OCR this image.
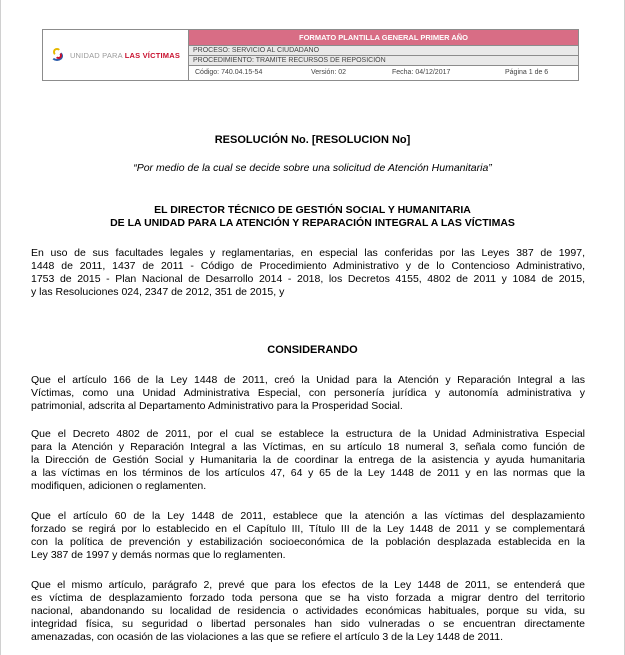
UNIDAD PARA LAS VÍCTIMAS
FORMATO PLANTILLA GENERAL PRIMER AÑO
PROCESO: SERVICIO AL CIUDADANO
PROCEDIMIENTO: TRAMITE RECURSOS DE REPOSICIÓN
Código: 740.04.15-54	Versión: 02	Fecha: 04/12/2017	Página 1 de 6
RESOLUCIÓN No. [RESOLUCION No]
“Por medio de la cual se decide sobre una solicitud de Atención Humanitaria”
EL DIRECTOR TÉCNICO DE GESTIÓN SOCIAL Y HUMANITARIA
DE LA UNIDAD PARA LA ATENCIÓN Y REPARACIÓN INTEGRAL A LAS VÍCTIMAS
En uso de sus facultades legales y reglamentarias, en especial las conferidas por las Leyes 387 de 1997,
1448 de 2011, 1437 de 2011 - Código de Procedimiento Administrativo y de lo Contencioso Administrativo,
1753 de 2015 - Plan Nacional de Desarrollo 2014 - 2018, los Decretos 4155, 4802 de 2011 y 1084 de 2015,
y las Resoluciones 024, 2347 de 2012, 351 de 2015, y
CONSIDERANDO
Que el artículo 166 de la Ley 1448 de 2011, creó la Unidad para la Atención y Reparación Integral a las
Víctimas, como una Unidad Administrativa Especial, con personería jurídica y autonomía administrativa y
patrimonial, adscrita al Departamento Administrativo para la Prosperidad Social.
Que el Decreto 4802 de 2011, por el cual se establece la estructura de la Unidad Administrativa Especial
para la Atención y Reparación Integral a las Víctimas, en su artículo 18 numeral 3, señala como función de
la Dirección de Gestión Social y Humanitaria la de coordinar la entrega de la asistencia y ayuda humanitaria
a las víctimas en los términos de los artículos 47, 64 y 65 de la Ley 1448 de 2011 y en las normas que la
modifiquen, adicionen o reglamenten.
Que el artículo 60 de la Ley 1448 de 2011, establece que la atención a las víctimas del desplazamiento
forzado se regirá por lo establecido en el Capítulo III, Título III de la Ley 1448 de 2011 y se complementará
con la política de prevención y estabilización socioeconómica de la población desplazada establecida en la
Ley 387 de 1997 y demás normas que lo reglamenten.
Que el mismo artículo, parágrafo 2, prevé que para los efectos de la Ley 1448 de 2011, se entenderá que
es víctima de desplazamiento forzado toda persona que se ha visto forzada a migrar dentro del territorio
nacional, abandonando su localidad de residencia o actividades económicas habituales, porque su vida, su
integridad física, su seguridad o libertad personales han sido vulneradas o se encuentran directamente
amenazadas, con ocasión de las violaciones a las que se refiere el artículo 3 de la Ley 1448 de 2011.
